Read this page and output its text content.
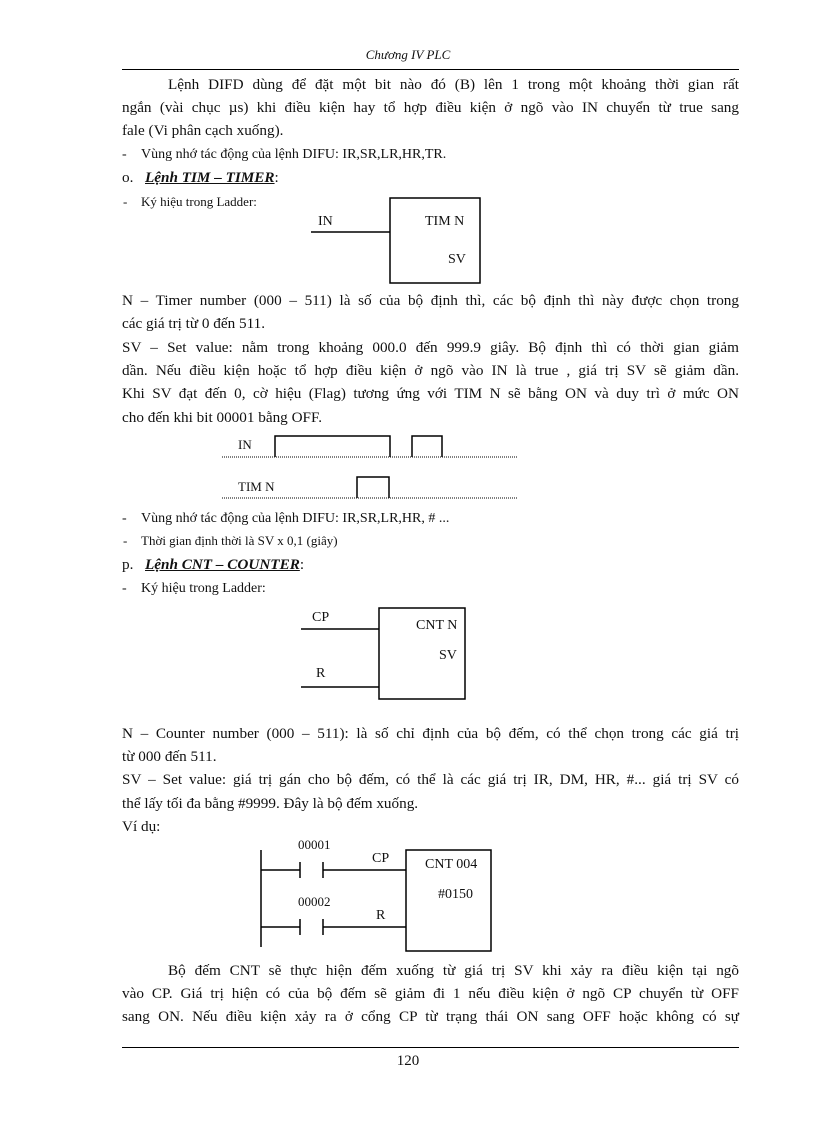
Chương IV PLC
Lệnh DIFD dùng để đặt một bit nào đó (B) lên 1 trong một khoảng thời gian rất
ngắn (vài chục µs) khi điều kiện hay tổ hợp điều kiện ở ngõ vào IN chuyển từ true sang
fale (Vi phân cạch xuống).
- Vùng nhớ tác động của lệnh DIFU: IR,SR,LR,HR,TR.
o. Lệnh TIM – TIMER:
- Ký hiệu trong Ladder:
IN	TIM N
SV
N – Timer number (000 – 511) là số của bộ định thì, các bộ định thì này được chọn trong
các giá trị từ 0 đến 511.
SV – Set value: nằm trong khoảng 000.0 đến 999.9 giây. Bộ định thì có thời gian giảm
dần. Nếu điều kiện hoặc tổ hợp điều kiện ở ngõ vào IN là true , giá trị SV sẽ giảm dần.
Khi SV đạt đến 0, cờ hiệu (Flag) tương ứng với TIM N sẽ bằng ON và duy trì ở mức ON
cho đến khi bit 00001 bằng OFF.
IN
TIM N
- Vùng nhớ tác động của lệnh DIFU: IR,SR,LR,HR, # ...
- Thời gian định thời là SV x 0,1 (giây)
p. Lệnh CNT – COUNTER:
- Ký hiệu trong Ladder:
CP
R
CNT N
SV
N – Counter number (000 – 511): là số chỉ định của bộ đếm, có thể chọn trong các giá trị
từ 000 đến 511.
SV – Set value: giá trị gán cho bộ đếm, có thể là các giá trị IR, DM, HR, #... giá trị SV có
thể lấy tối đa bằng #9999. Đây là bộ đếm xuống.
Ví dụ:
00001
00002
CP
R
CNT 004
#0150
Bộ đếm CNT sẽ thực hiện đếm xuống từ giá trị SV khi xảy ra điều kiện tại ngõ
vào CP. Giá trị hiện có của bộ đếm sẽ giảm đi 1 nếu điều kiện ở ngõ CP chuyển từ OFF
sang ON. Nếu điều kiện xảy ra ở cổng CP từ trạng thái ON sang OFF hoặc không có sự
120
